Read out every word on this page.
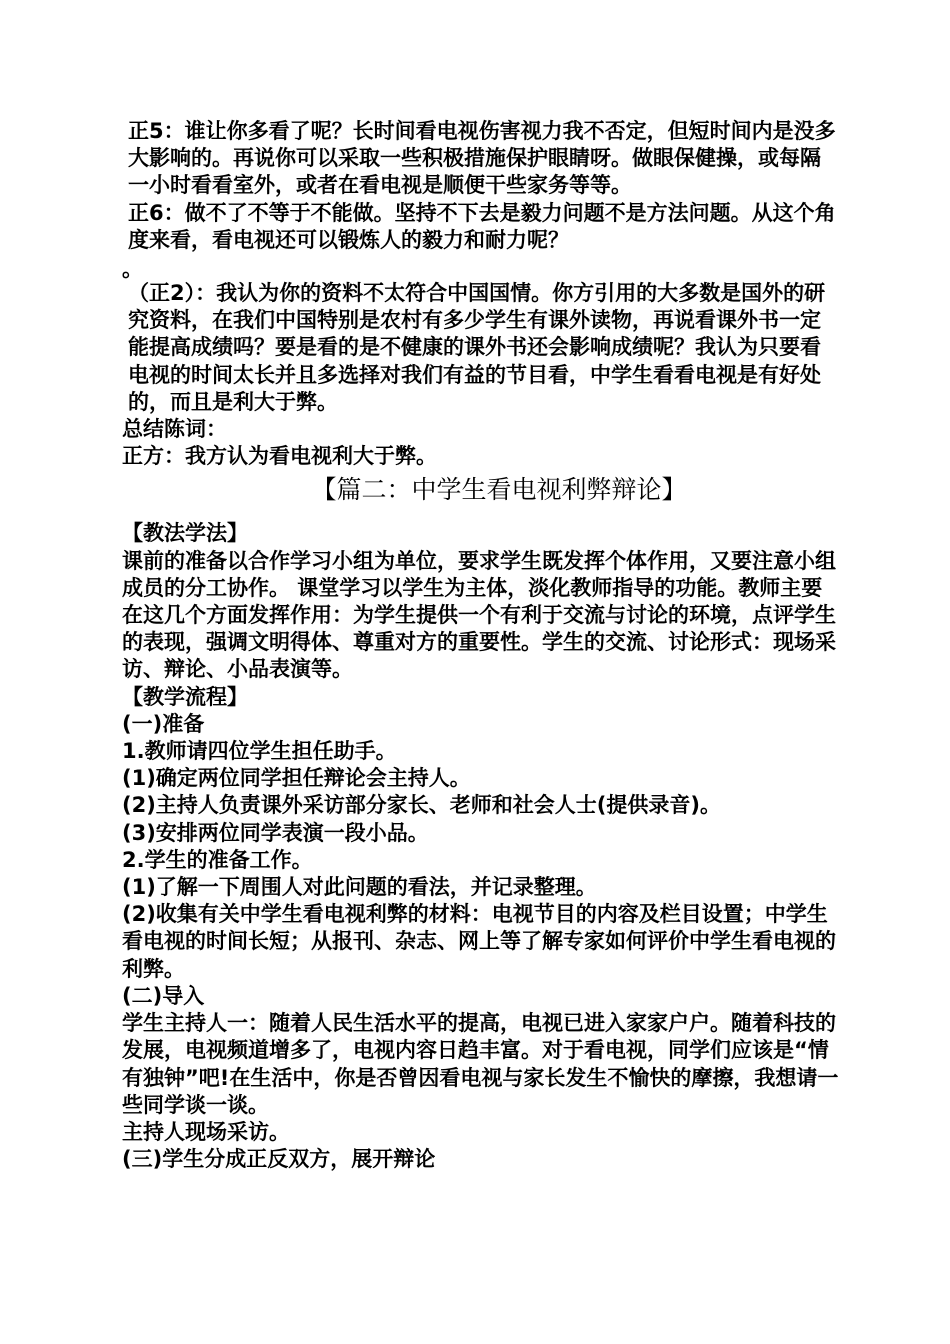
正5：谁让你多看了呢？长时间看电视伤害视力我不否定，但短时间内是没多大影响的。再说你可以采取一些积极措施保护眼睛呀。做眼保健操，或每隔一小时看看室外，或者在看电视是顺便干些家务等等。

正6：做不了不等于不能做。坚持不下去是毅力问题不是方法问题。从这个角度来看，看电视还可以锻炼人的毅力和耐力呢？

。

（正2）：我认为你的资料不太符合中国国情。你方引用的大多数是国外的研究资料，在我们中国特别是农村有多少学生有课外读物，再说看课外书一定能提高成绩吗？要是看的是不健康的课外书还会影响成绩呢？我认为只要看电视的时间太长并且多选择对我们有益的节目看，中学生看看电视是有好处的，而且是利大于弊。

总结陈词：

正方：我方认为看电视利大于弊。

【篇二：中学生看电视利弊辩论】

【教法学法】

课前的准备以合作学习小组为单位，要求学生既发挥个体作用，又要注意小组成员的分工协作。 课堂学习以学生为主体，淡化教师指导的功能。教师主要在这几个方面发挥作用：为学生提供一个有利于交流与讨论的环境，点评学生的表现，强调文明得体、尊重对方的重要性。学生的交流、讨论形式：现场采访、辩论、小品表演等。

【教学流程】

(一)准备

1.教师请四位学生担任助手。

(1)确定两位同学担任辩论会主持人。

(2)主持人负责课外采访部分家长、老师和社会人士(提供录音)。

(3)安排两位同学表演一段小品。

2.学生的准备工作。

(1)了解一下周围人对此问题的看法，并记录整理。

(2)收集有关中学生看电视利弊的材料：电视节目的内容及栏目设置；中学生看电视的时间长短；从报刊、杂志、网上等了解专家如何评价中学生看电视的利弊。

(二)导入

学生主持人一：随着人民生活水平的提高，电视已进入家家户户。随着科技的发展，电视频道增多了，电视内容日趋丰富。对于看电视，同学们应该是“情有独钟”吧!在生活中，你是否曾因看电视与家长发生不愉快的摩擦，我想请一些同学谈一谈。

主持人现场采访。

(三)学生分成正反双方，展开辩论
